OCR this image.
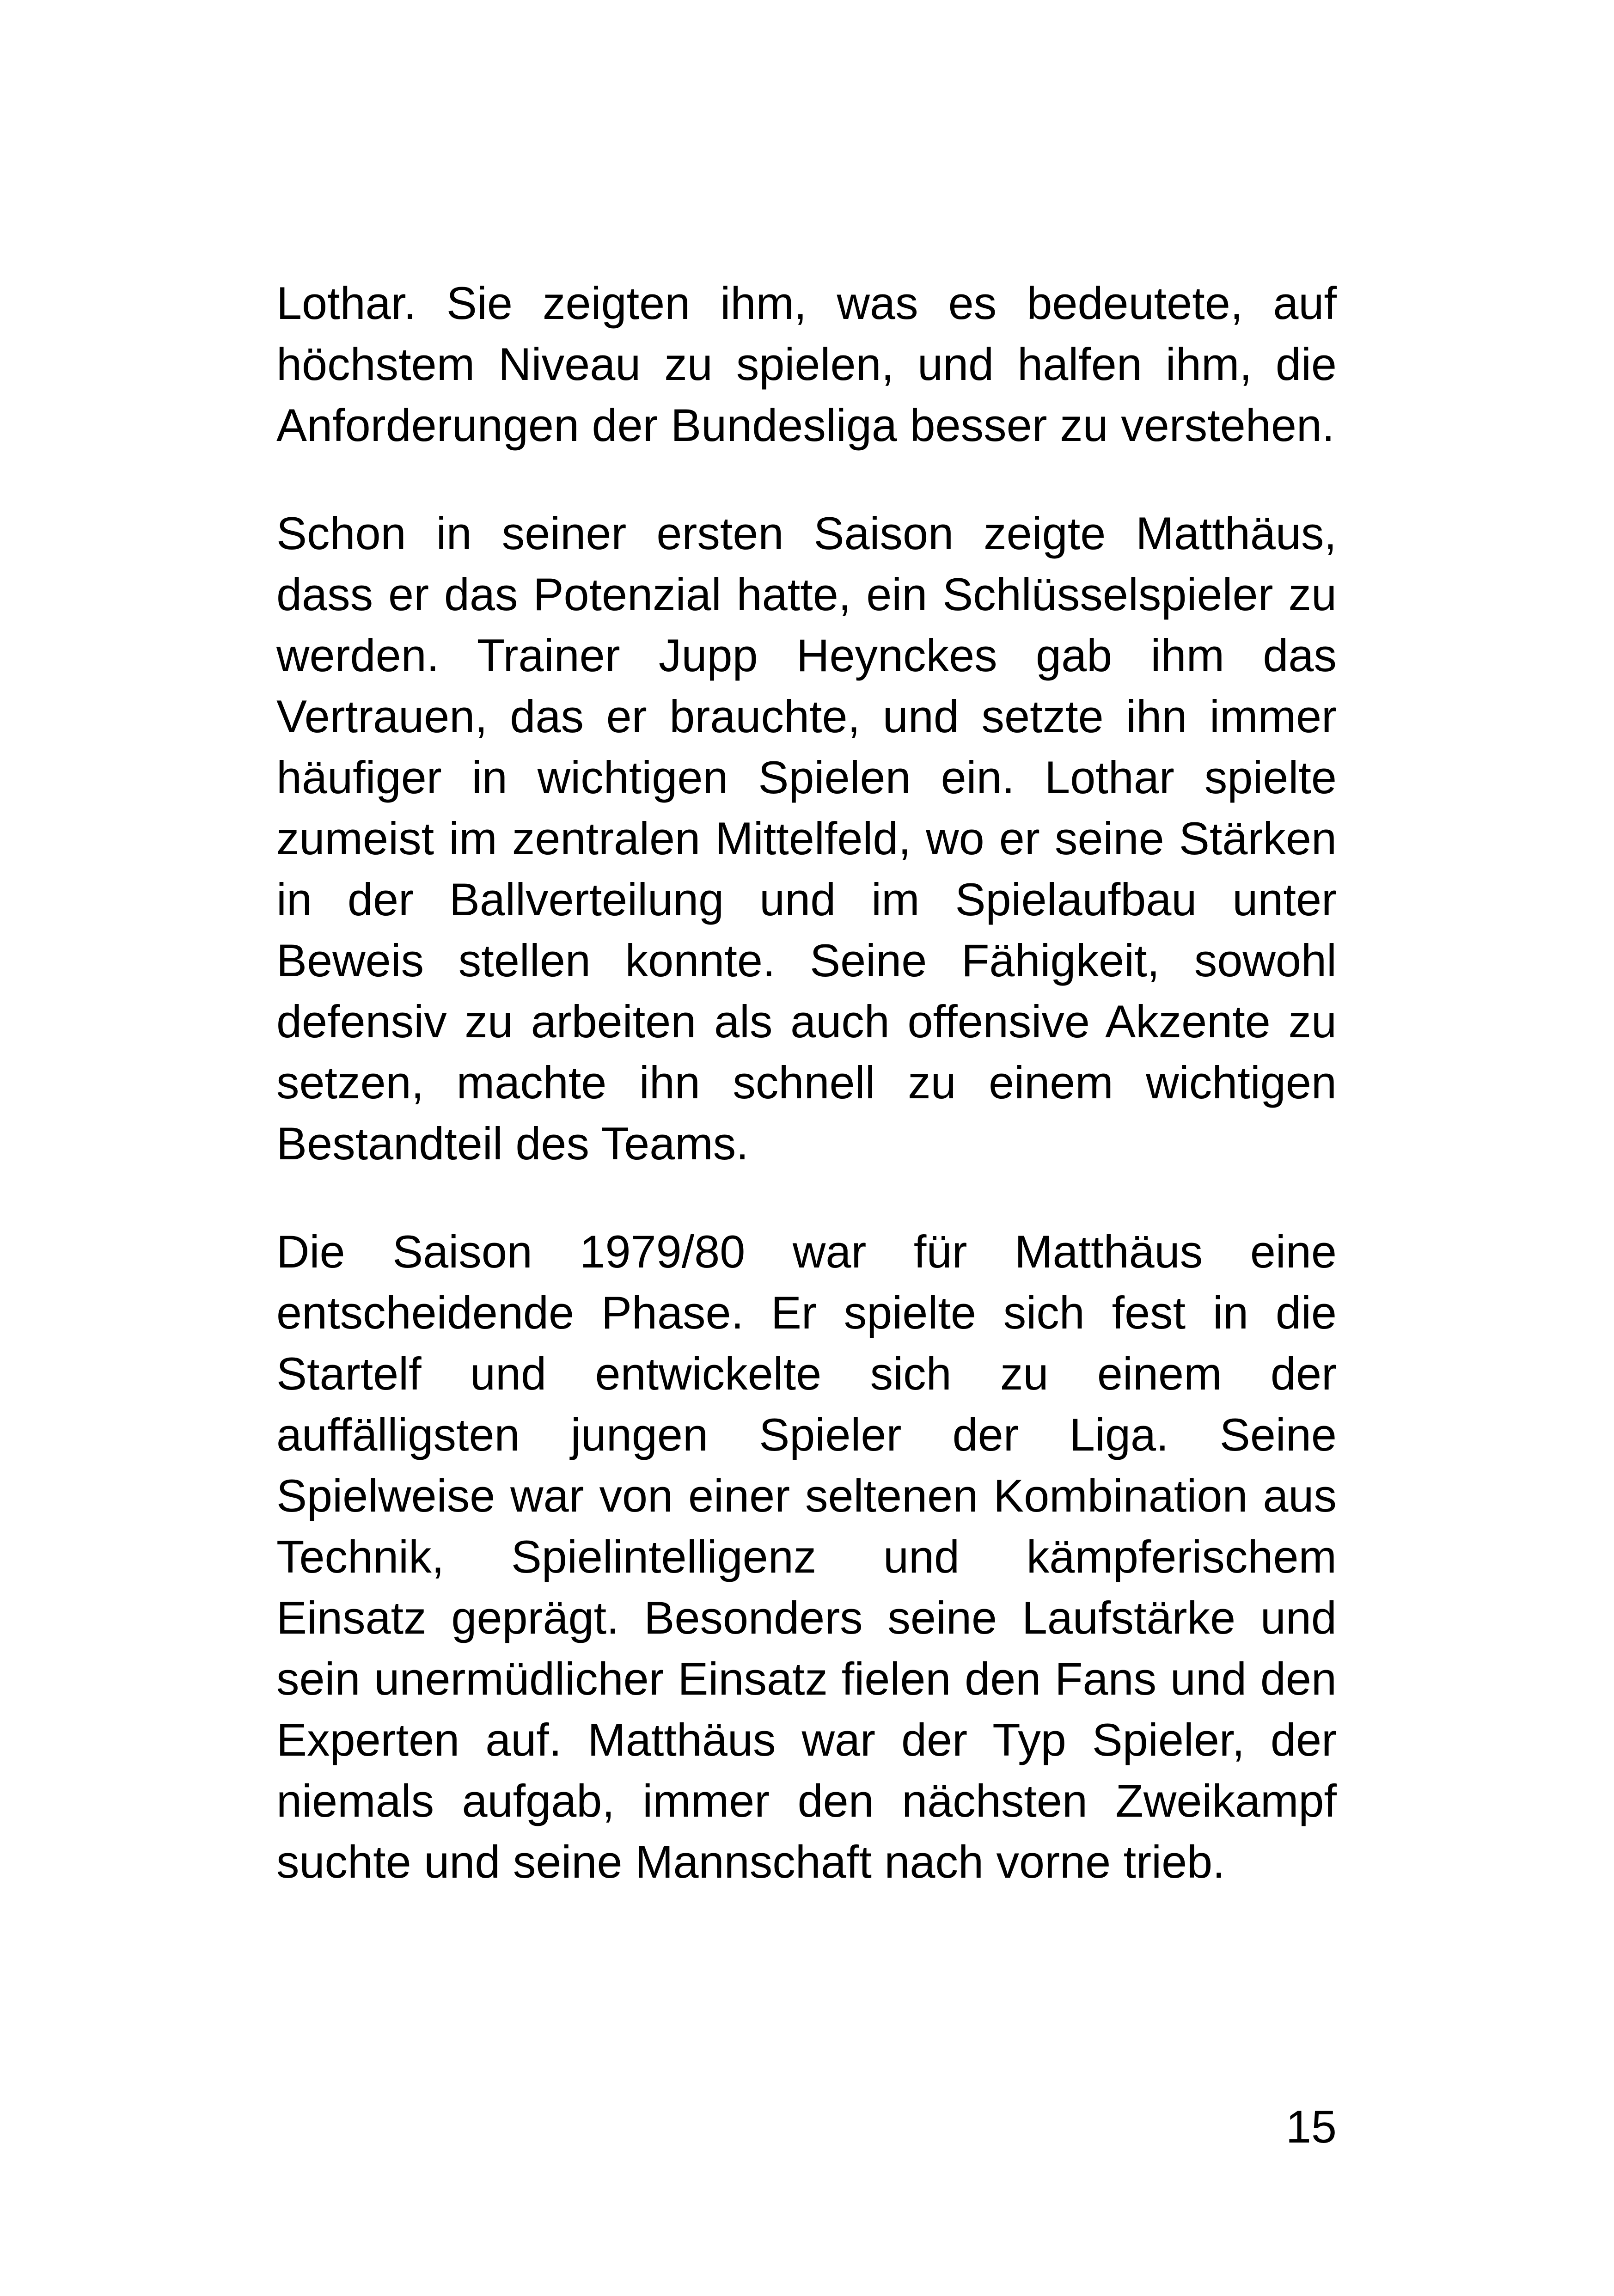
Lothar. Sie zeigten ihm, was es bedeutete, auf höchstem Niveau zu spielen, und halfen ihm, die Anforderungen der Bundesliga besser zu verstehen.

Schon in seiner ersten Saison zeigte Matthäus, dass er das Potenzial hatte, ein Schlüsselspieler zu werden. Trainer Jupp Heynckes gab ihm das Vertrauen, das er brauchte, und setzte ihn immer häufiger in wichtigen Spielen ein. Lothar spielte zumeist im zentralen Mittelfeld, wo er seine Stärken in der Ballverteilung und im Spielaufbau unter Beweis stellen konnte. Seine Fähigkeit, sowohl defensiv zu arbeiten als auch offensive Akzente zu setzen, machte ihn schnell zu einem wichtigen Bestandteil des Teams.

Die Saison 1979/80 war für Matthäus eine entscheidende Phase. Er spielte sich fest in die Startelf und entwickelte sich zu einem der auffälligsten jungen Spieler der Liga. Seine Spielweise war von einer seltenen Kombination aus Technik, Spielintelligenz und kämpferischem Einsatz geprägt. Besonders seine Laufstärke und sein unermüdlicher Einsatz fielen den Fans und den Experten auf. Matthäus war der Typ Spieler, der niemals aufgab, immer den nächsten Zweikampf suchte und seine Mannschaft nach vorne trieb.

15
